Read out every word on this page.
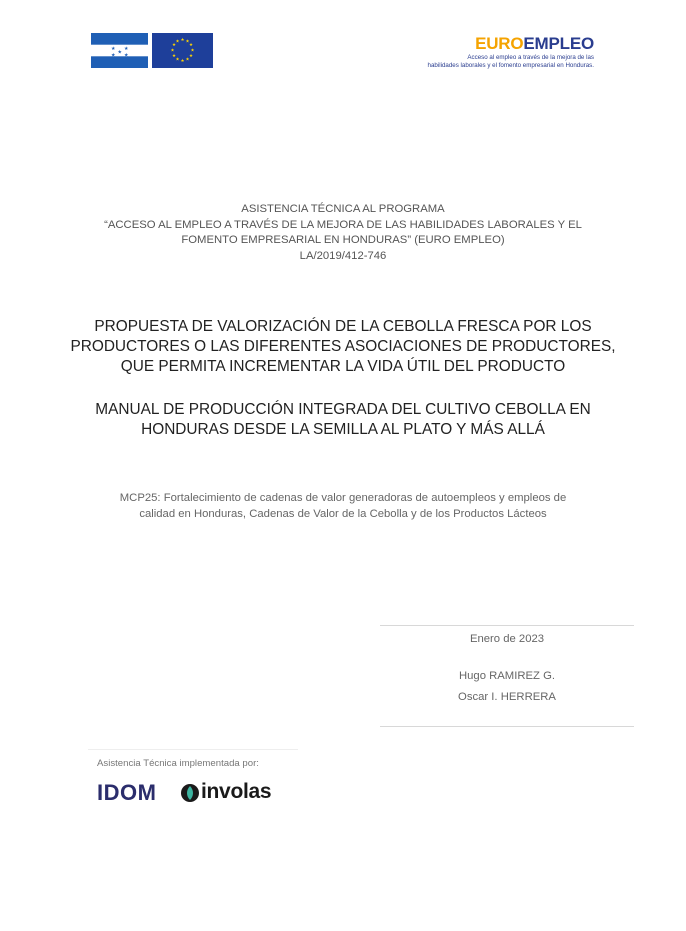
★ ★
★
★ ★
★ ★
★
★
★
★
★
★
★
★
★
★	EUROEMPLEO
Acceso al empleo a través de la mejora de las
habilidades laborales y el fomento empresarial en Honduras.
ASISTENCIA TÉCNICA AL PROGRAMA
“ACCESO AL EMPLEO A TRAVÉS DE LA MEJORA DE LAS HABILIDADES LABORALES Y EL
FOMENTO EMPRESARIAL EN HONDURAS” (EURO EMPLEO)
LA/2019/412-746
PROPUESTA DE VALORIZACIÓN DE LA CEBOLLA FRESCA POR LOS
PRODUCTORES O LAS DIFERENTES ASOCIACIONES DE PRODUCTORES,
QUE PERMITA INCREMENTAR LA VIDA ÚTIL DEL PRODUCTO
MANUAL DE PRODUCCIÓN INTEGRADA DEL CULTIVO CEBOLLA EN
HONDURAS DESDE LA SEMILLA AL PLATO Y MÁS ALLÁ
MCP25: Fortalecimiento de cadenas de valor generadoras de autoempleos y empleos de
calidad en Honduras, Cadenas de Valor de la Cebolla y de los Productos Lácteos
Enero de 2023
Hugo RAMIREZ G.
Oscar I. HERRERA
Asistencia Técnica implementada por:
IDOM involas
